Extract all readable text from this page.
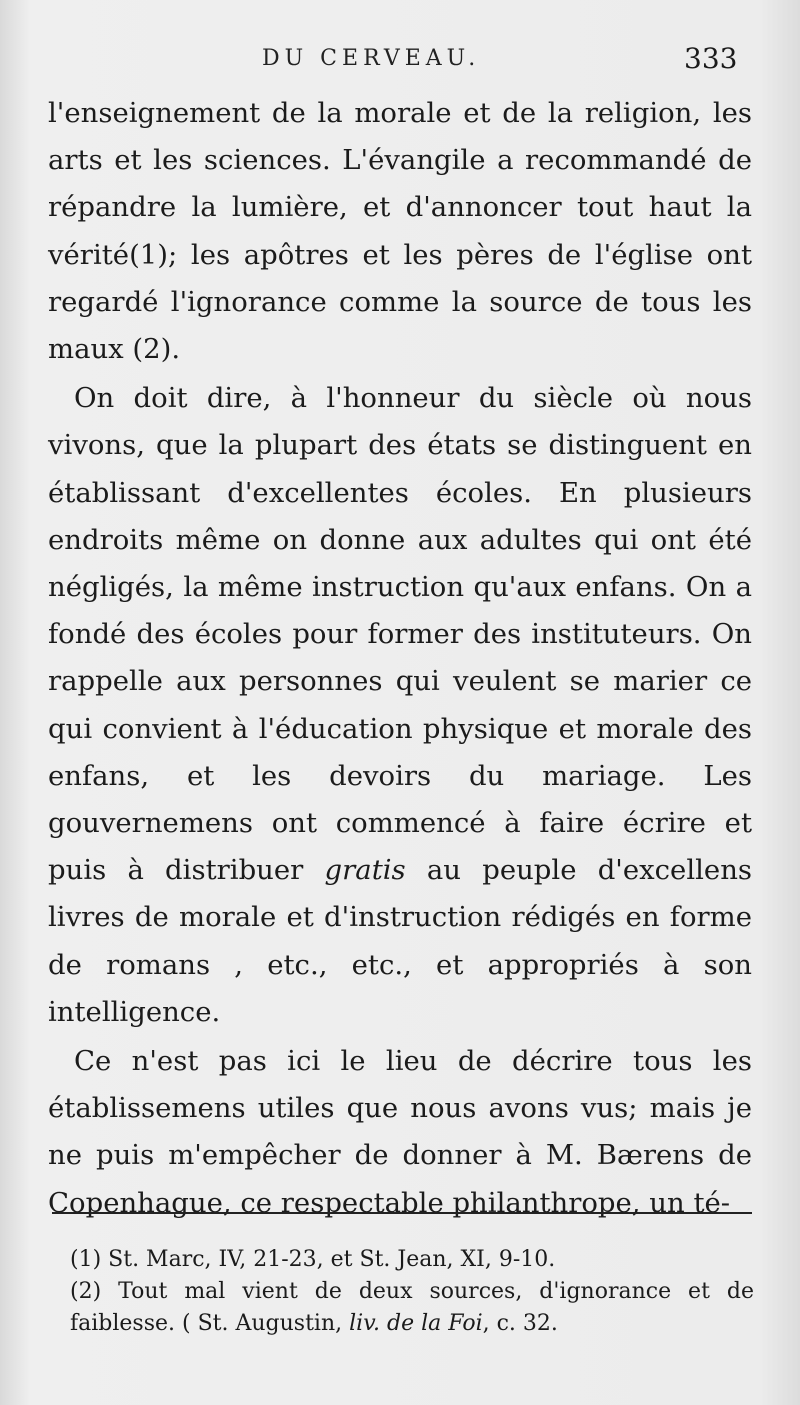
DU CERVEAU.	333

l'enseignement de la morale et de la religion, les arts et les sciences. L'évangile a recommandé de répandre la lumière, et d'annoncer tout haut la vérité(1); les apôtres et les pères de l'église ont regardé l'ignorance comme la source de tous les maux (2).

On doit dire, à l'honneur du siècle où nous vivons, que la plupart des états se distinguent en établissant d'excellentes écoles. En plusieurs endroits même on donne aux adultes qui ont été négligés, la même instruction qu'aux enfans. On a fondé des écoles pour former des instituteurs. On rappelle aux personnes qui veulent se marier ce qui convient à l'éducation physique et morale des enfans, et les devoirs du mariage. Les gouvernemens ont commencé à faire écrire et puis à distribuer gratis au peuple d'excellens livres de morale et d'instruction rédigés en forme de romans , etc., etc., et appropriés à son intelligence.

Ce n'est pas ici le lieu de décrire tous les établissemens utiles que nous avons vus; mais je ne puis m'empêcher de donner à M. Bærens de Copenhague, ce respectable philanthrope, un té-

(1) St. Marc, IV, 21-23, et St. Jean, XI, 9-10.

(2) Tout mal vient de deux sources, d'ignorance et de faiblesse. ( St. Augustin, liv. de la Foi, c. 32.
